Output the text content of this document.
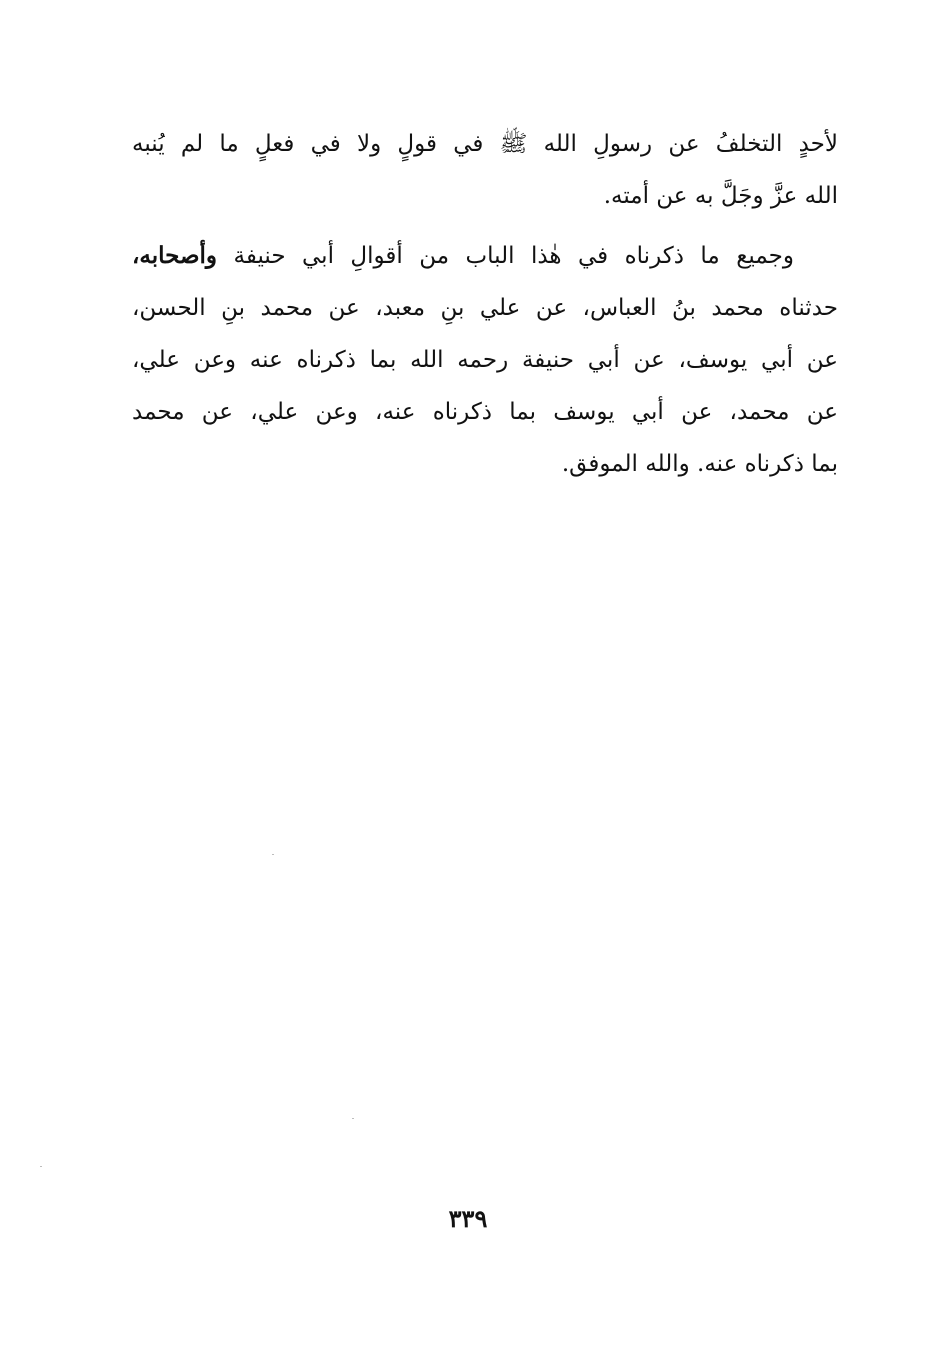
لأحدٍ التخلفُ عن رسولِ الله ﷺ في قولٍ ولا في فعلٍ ما لم يُنبه
الله عزَّ وجَلَّ به عن أمته.
وجميع ما ذكرناه في هٰذا الباب من أقوالِ أبي حنيفة وأصحابه،
حدثناه محمد بنُ العباس، عن علي بنِ معبد، عن محمد بنِ الحسن،
عن أبي يوسف، عن أبي حنيفة رحمه الله بما ذكرناه عنه وعن علي،
عن محمد، عن أبي يوسف بما ذكرناه عنه، وعن علي، عن محمد
بما ذكرناه عنه. والله الموفق.
٣٣٩
